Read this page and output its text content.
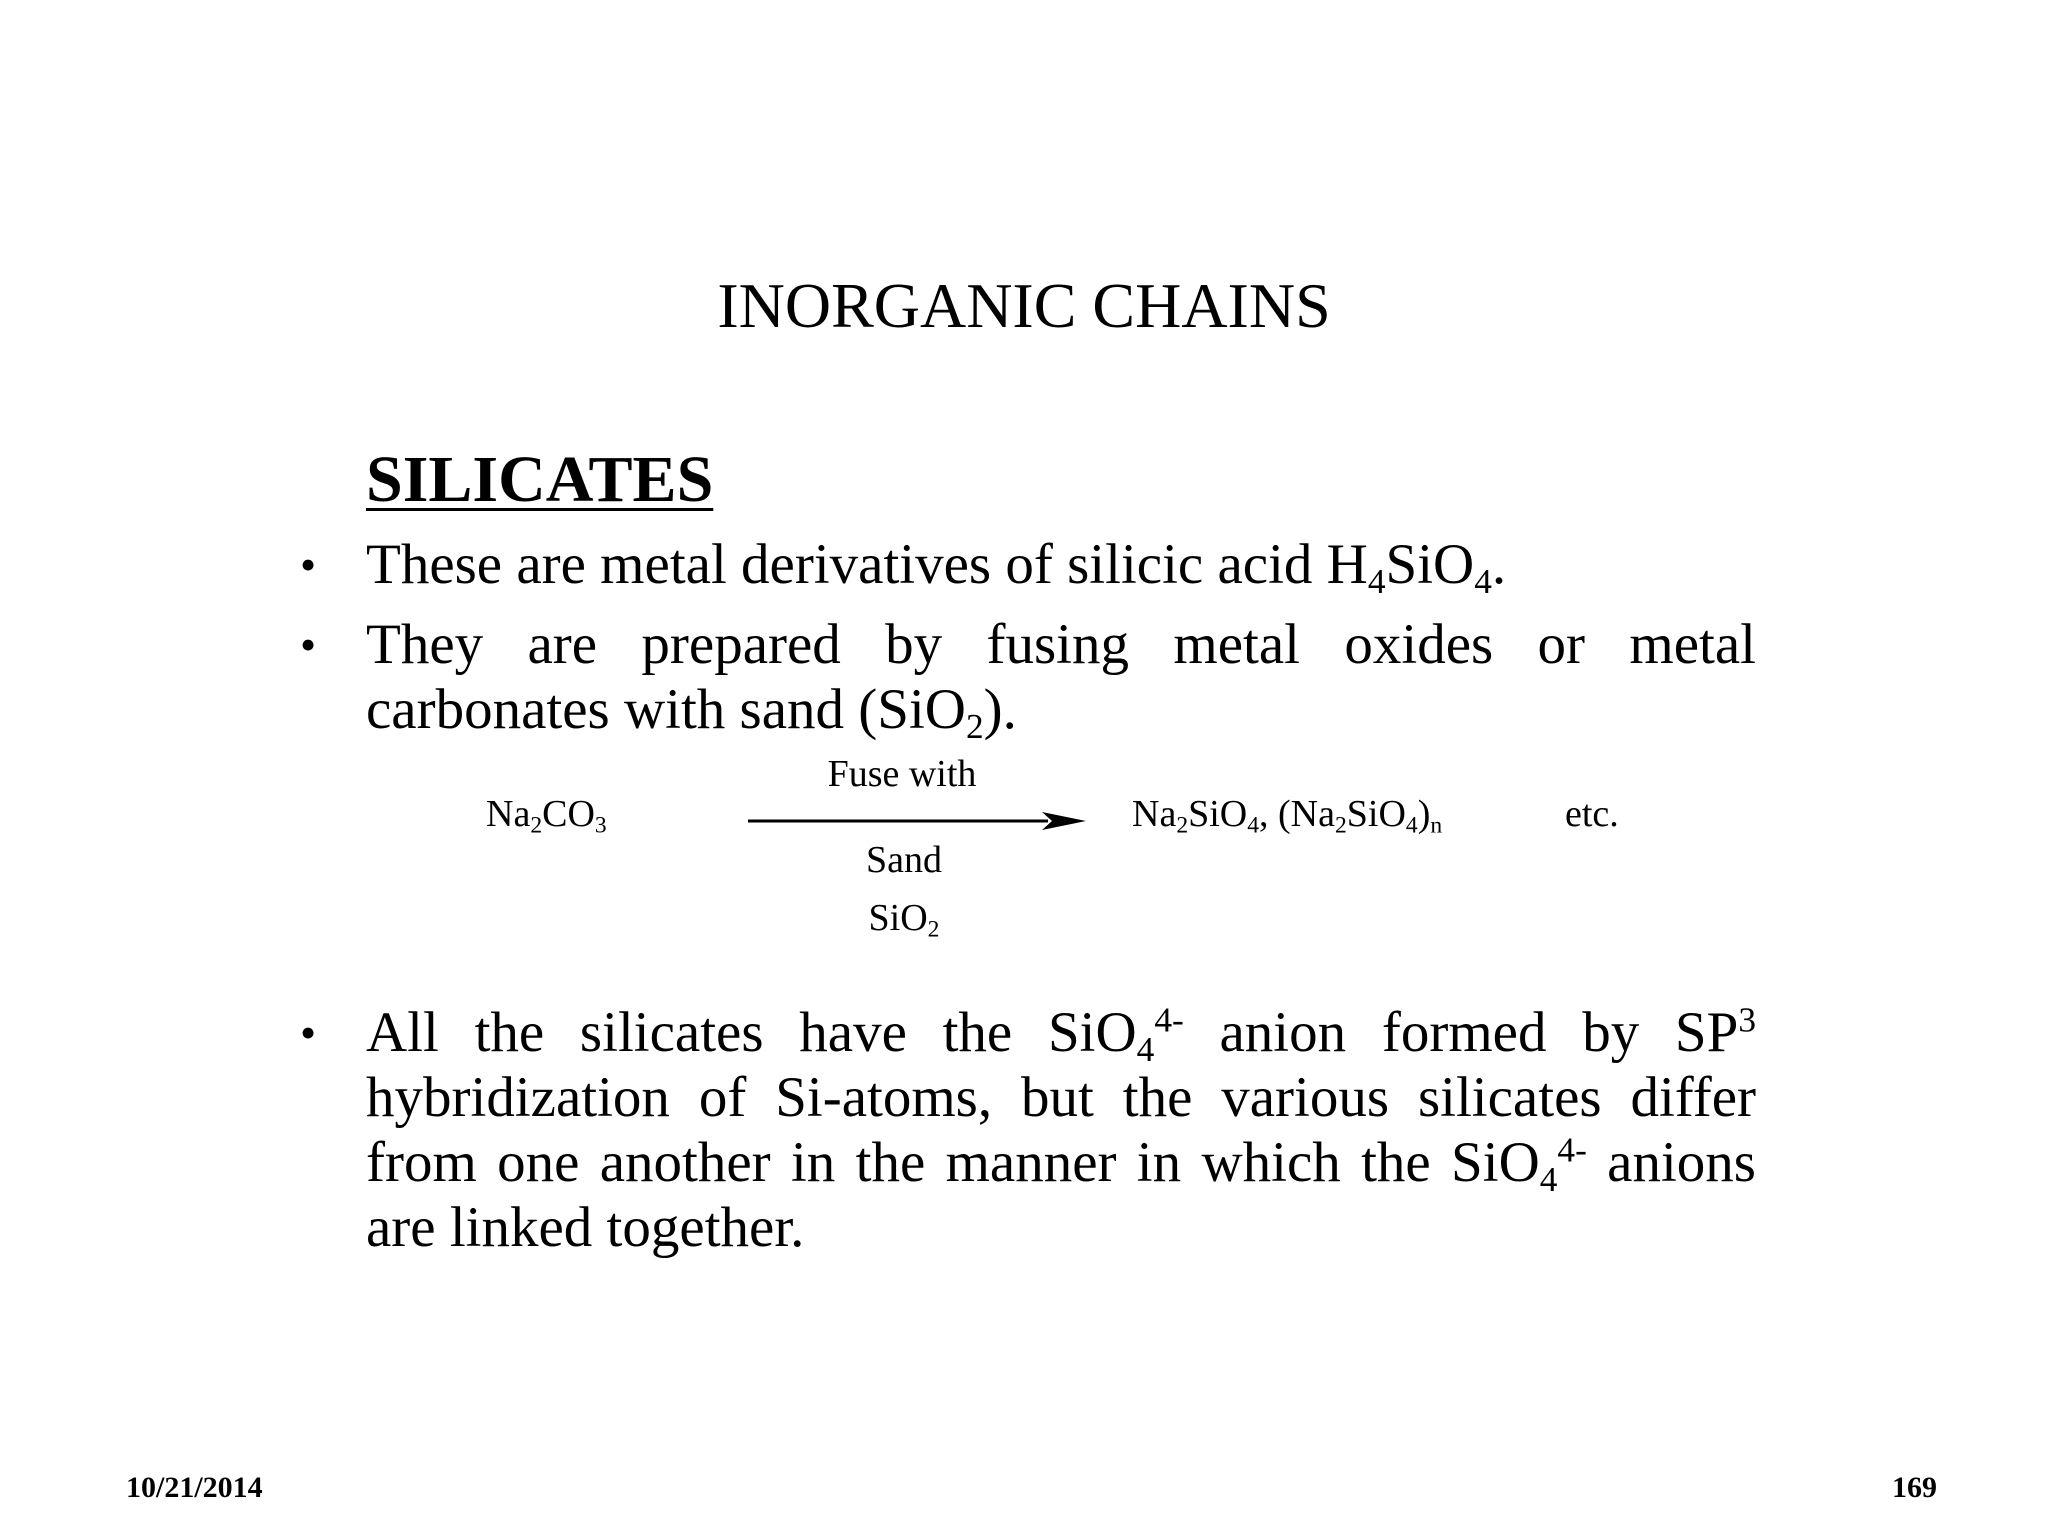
INORGANIC CHAINS
SILICATES
• These are metal derivatives of silicic acid $H_4SiO_4$.
• They are prepared by fusing metal oxides or metal carbonates with sand (SiO$_2$).
$Na_2CO_3$
Fuse with
Sand
SiO$_2$
$Na_2SiO_4$, $(Na_2SiO_4)_n$	etc.
• All the silicates have the SiO$_4^{4-}$ anion formed by $SP^3$ hybridization of Si-atoms, but the various silicates differ from one another in the manner in which the SiO$_4^{4-}$ anions are linked together.
10/21/2014	169
